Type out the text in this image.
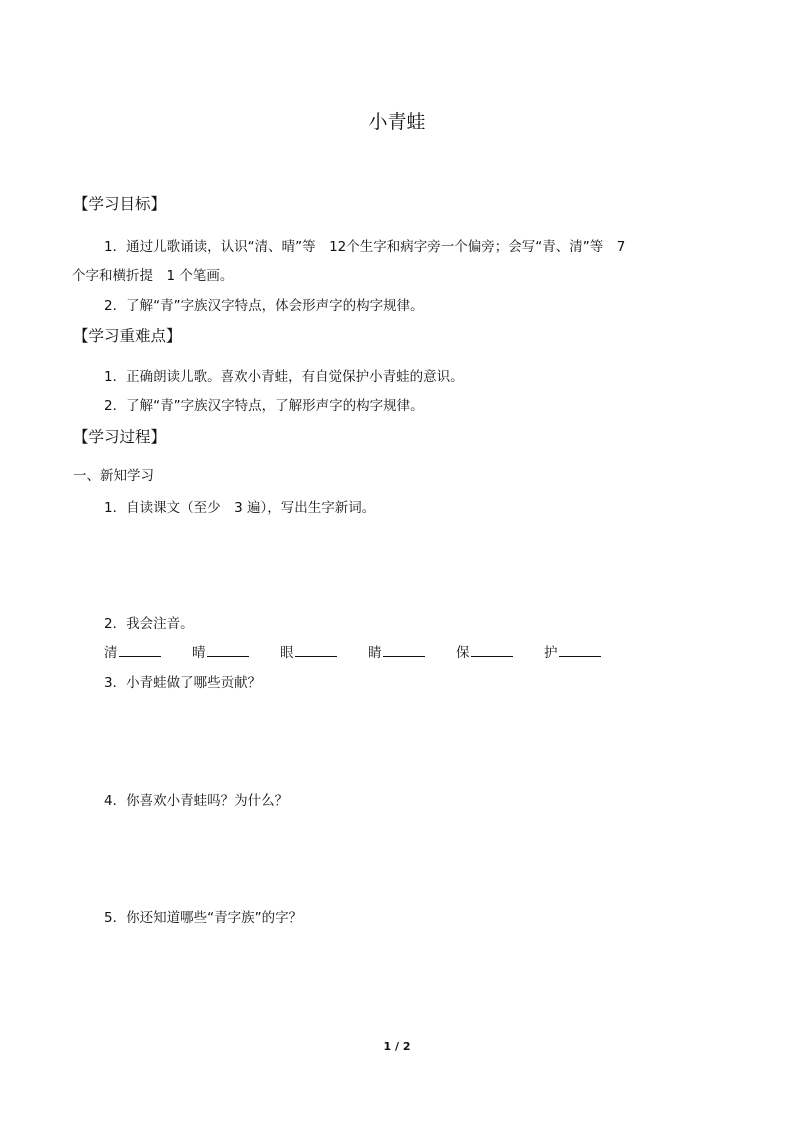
小青蛙
【学习目标】
1．通过儿歌诵读，认识“清、晴”等　12个生字和病字旁一个偏旁；会写“青、清”等　7
个字和横折提　1 个笔画。
2．了解“青”字族汉字特点，体会形声字的构字规律。
【学习重难点】
1．正确朗读儿歌。喜欢小青蛙，有自觉保护小青蛙的意识。
2．了解“青”字族汉字特点，了解形声字的构字规律。
【学习过程】
一、新知学习
1．自读课文（至少　3 遍），写出生字新词。
2．我会注音。
清	晴	眼	睛	保	护
3．小青蛙做了哪些贡献？
4．你喜欢小青蛙吗？为什么？
5．你还知道哪些“青字族”的字？
1 / 2
